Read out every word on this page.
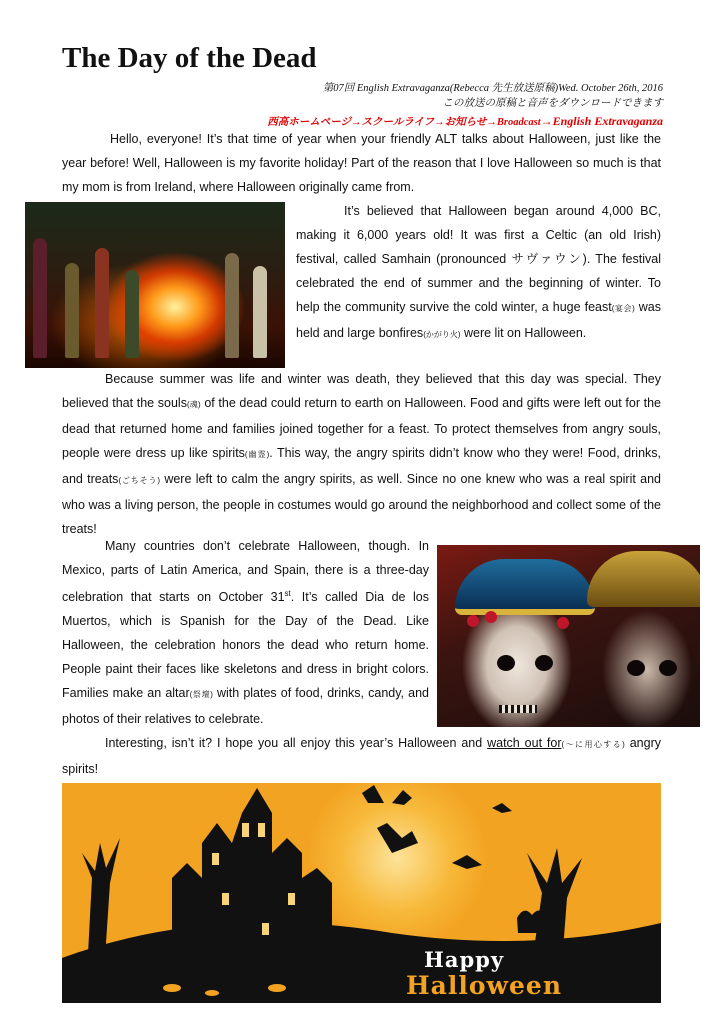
The Day of the Dead
第07回 English Extravaganza(Rebecca 先生放送原稿)Wed. October 26th, 2016
この放送の原稿と音声をダウンロードできます
西高ホームページ→スクールライフ→お知らせ→Broadcast→English Extravaganza

Hello, everyone! It’s that time of year when your friendly ALT talks about Halloween, just like the year before! Well, Halloween is my favorite holiday! Part of the reason that I love Halloween so much is that my mom is from Ireland, where Halloween originally came from.

It’s believed that Halloween began around 4,000 BC, making it 6,000 years old! It was first a Celtic (an old Irish) festival, called Samhain (pronounced サヴァウン). The festival celebrated the end of summer and the beginning of winter. To help the community survive the cold winter, a huge feast(宴会) was held and large bonfires(かがり火) were lit on Halloween.

Because summer was life and winter was death, they believed that this day was special. They believed that the souls(魂) of the dead could return to earth on Halloween. Food and gifts were left out for the dead that returned home and families joined together for a feast. To protect themselves from angry souls, people were dress up like spirits(幽霊). This way, the angry spirits didn’t know who they were! Food, drinks, and treats(ごちそう) were left to calm the angry spirits, as well. Since no one knew who was a real spirit and who was a living person, the people in costumes would go around the neighborhood and collect some of the treats!

Many countries don’t celebrate Halloween, though. In Mexico, parts of Latin America, and Spain, there is a three-day celebration that starts on October 31st. It’s called Dia de los Muertos, which is Spanish for the Day of the Dead. Like Halloween, the celebration honors the dead who return home. People paint their faces like skeletons and dress in bright colors. Families make an altar(祭壇) with plates of food, drinks, candy, and photos of their relatives to celebrate.

Interesting, isn’t it? I hope you all enjoy this year’s Halloween and watch out for(～に用心する) angry spirits!

Happy
Halloween
